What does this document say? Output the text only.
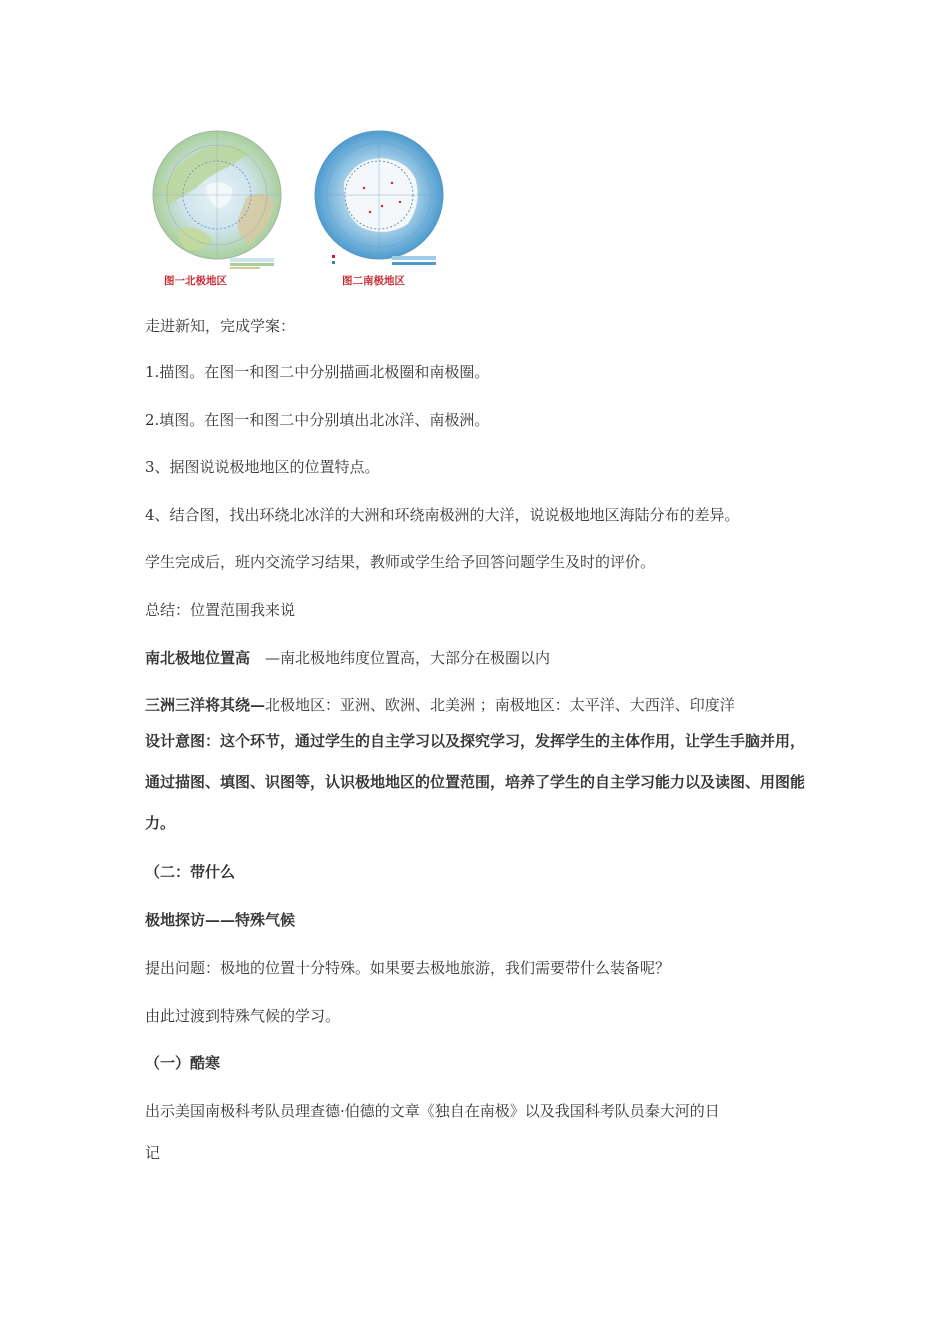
图一北极地区	图二南极地区
走进新知，完成学案：
1.描图。在图一和图二中分别描画北极圈和南极圈。
2.填图。在图一和图二中分别填出北冰洋、南极洲。
3、据图说说极地地区的位置特点。
4、结合图，找出环绕北冰洋的大洲和环绕南极洲的大洋，说说极地地区海陆分布的差异。
学生完成后，班内交流学习结果，教师或学生给予回答问题学生及时的评价。
总结：位置范围我来说
南北极地位置高　—南北极地纬度位置高，大部分在极圈以内
三洲三洋将其绕—北极地区：亚洲、欧洲、北美洲 ；南极地区：太平洋、大西洋、印度洋
设计意图：这个环节，通过学生的自主学习以及探究学习，发挥学生的主体作用，让学生手脑并用，通过描图、填图、识图等，认识极地地区的位置范围，培养了学生的自主学习能力以及读图、用图能力。
（二：带什么
极地探访——特殊气候
提出问题：极地的位置十分特殊。如果要去极地旅游，我们需要带什么装备呢？
由此过渡到特殊气候的学习。
（一）酷寒
出示美国南极科考队员理查德·伯德的文章《独自在南极》以及我国科考队员秦大河的日
记
